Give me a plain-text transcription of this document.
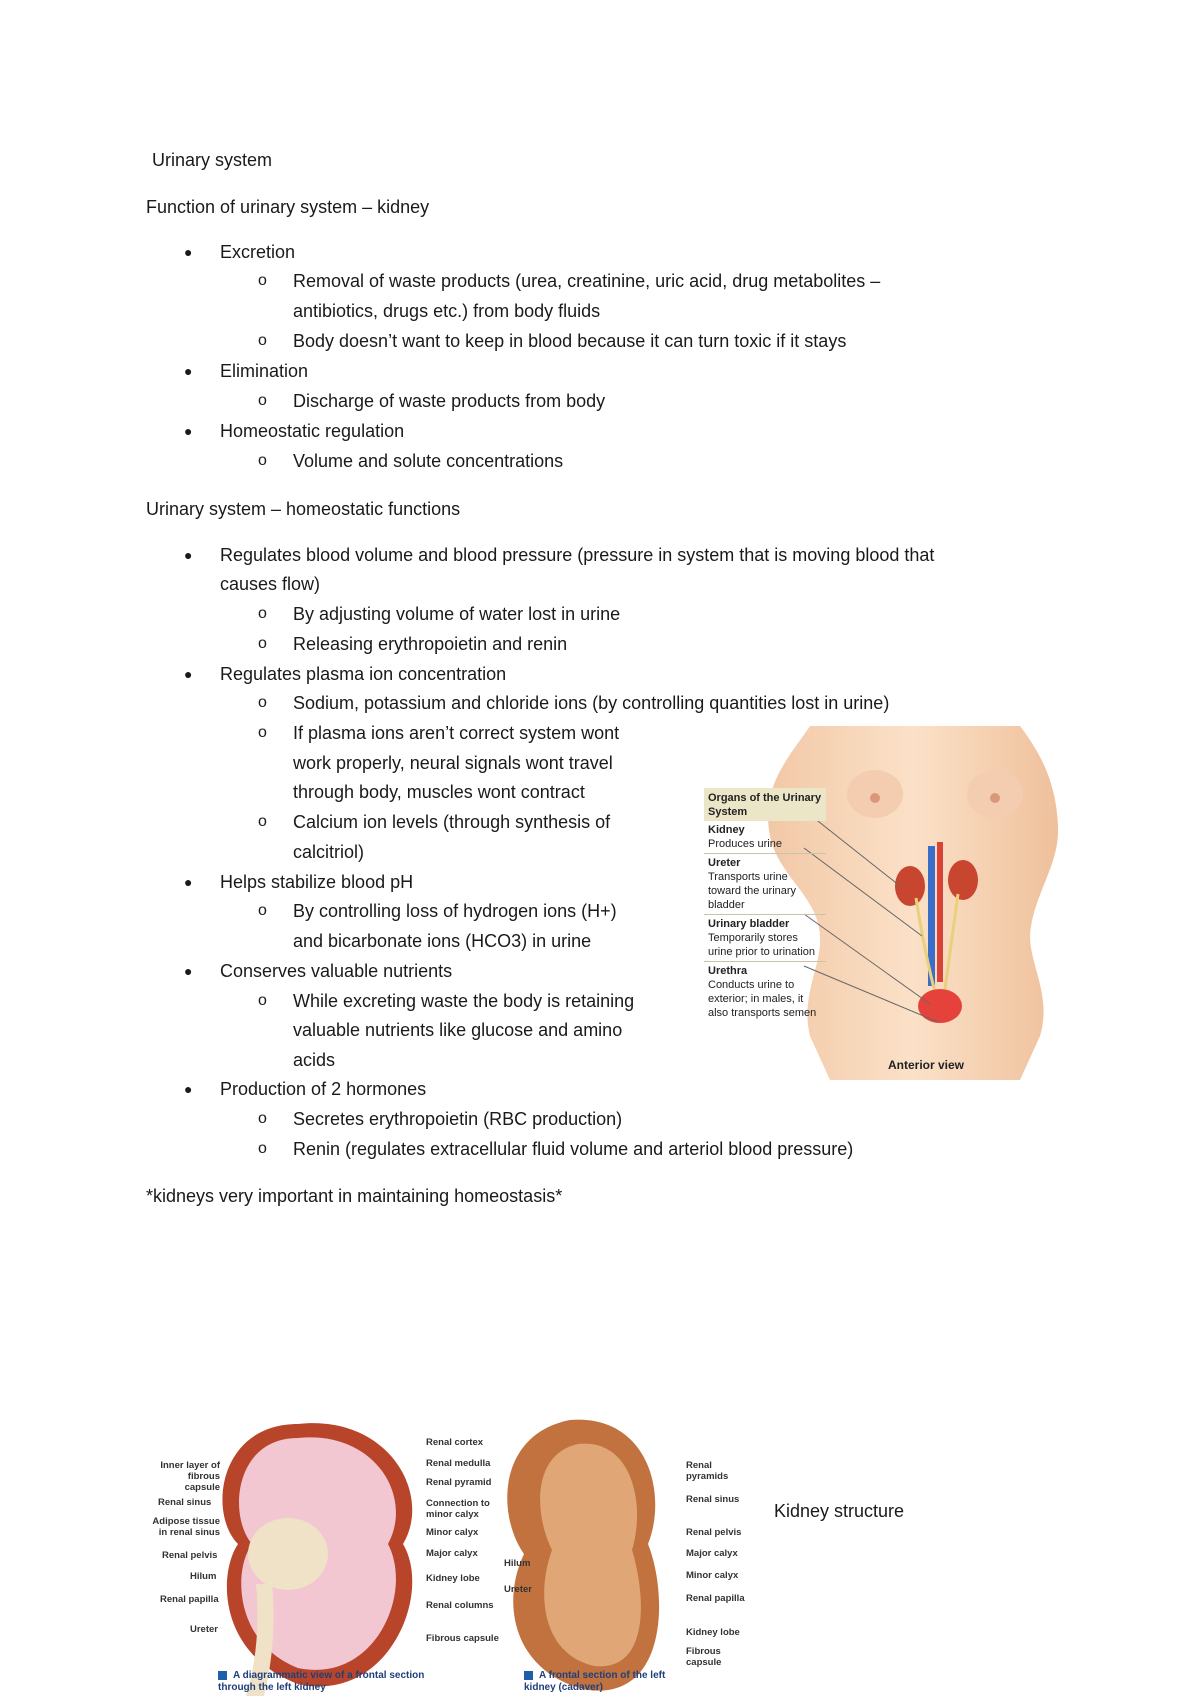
Urinary system
Function of urinary system – kidney
● Excretion
o Removal of waste products (urea, creatinine, uric acid, drug metabolites –
antibiotics, drugs etc.) from body fluids
o Body doesn’t want to keep in blood because it can turn toxic if it stays
● Elimination
o Discharge of waste products from body
● Homeostatic regulation
o Volume and solute concentrations
Urinary system – homeostatic functions
● Regulates blood volume and blood pressure (pressure in system that is moving blood that
causes flow)
o By adjusting volume of water lost in urine
o Releasing erythropoietin and renin
● Regulates plasma ion concentration
o Sodium, potassium and chloride ions (by controlling quantities lost in urine)
o If plasma ions aren’t correct system wont
work properly, neural signals wont travel
through body, muscles wont contract
o Calcium ion levels (through synthesis of
calcitriol)
● Helps stabilize blood pH
o By controlling loss of hydrogen ions (H+)
and bicarbonate ions (HCO3) in urine
● Conserves valuable nutrients
o While excreting waste the body is retaining
valuable nutrients like glucose and amino
acids
● Production of 2 hormones
o Secretes erythropoietin (RBC production)
o Renin (regulates extracellular fluid volume and arteriol blood pressure)
*kidneys very important in maintaining homeostasis*
Organs of the Urinary System
Kidney
Produces urine
Ureter
Transports urine toward the urinary bladder
Urinary bladder
Temporarily stores urine prior to urination
Urethra
Conducts urine to exterior; in males, it also transports semen
Anterior view
Kidney structure
Inner layer of fibrous capsule
Renal sinus
Adipose tissue in renal sinus
Renal pelvis
Hilum
Renal papilla
Ureter
Renal cortex
Renal medulla
Renal pyramid
Connection to minor calyx
Minor calyx
Major calyx
Kidney lobe
Renal columns
Fibrous capsule
Hilum
Ureter
Renal pyramids
Renal sinus
Renal pelvis
Major calyx
Minor calyx
Renal papilla
Kidney lobe
Fibrous capsule
A diagrammatic view of a frontal section through the left kidney
A frontal section of the left kidney (cadaver)
